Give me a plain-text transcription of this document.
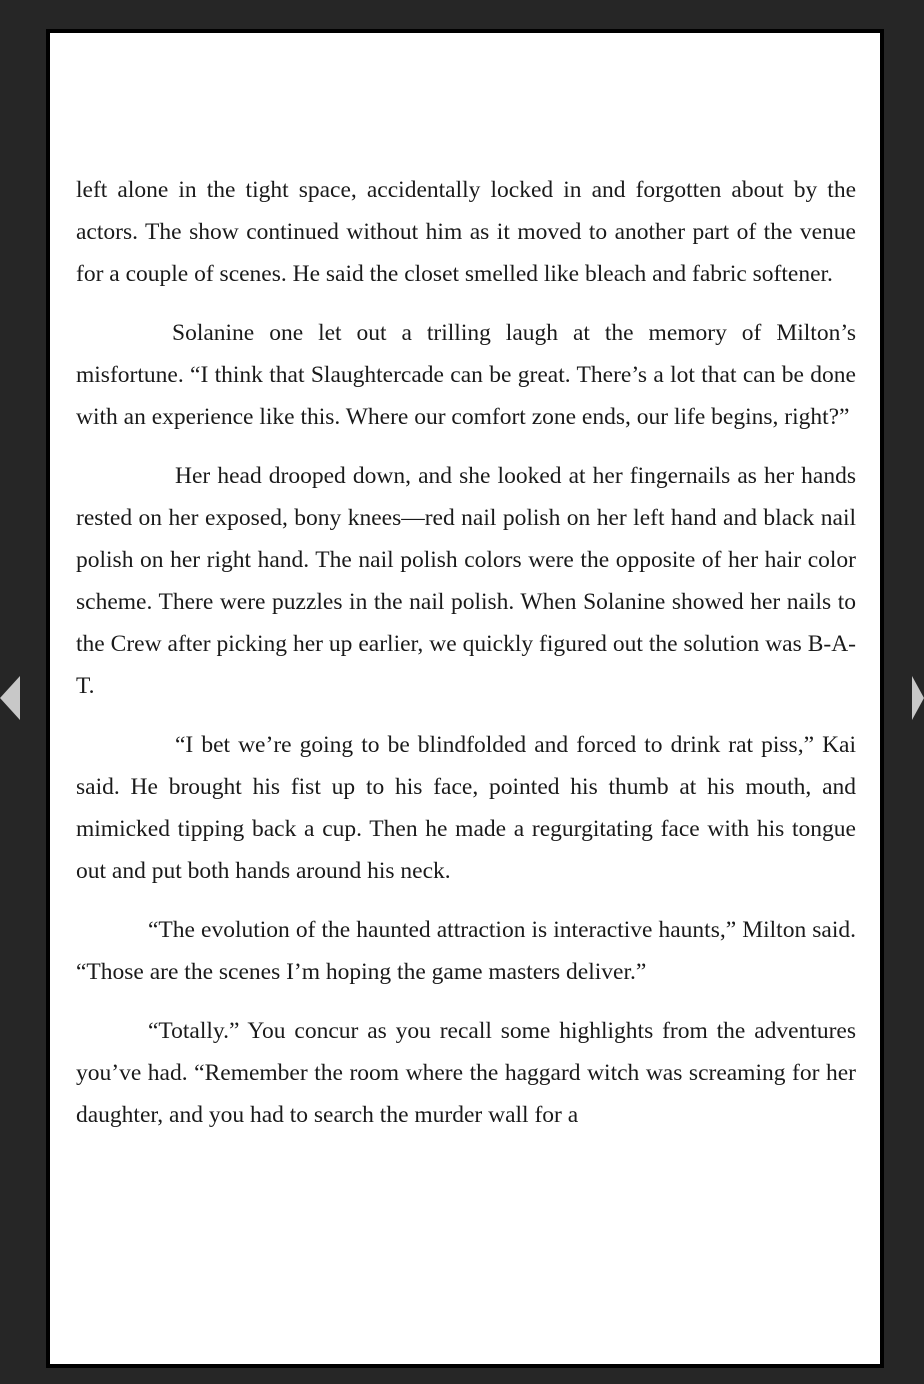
left alone in the tight space, accidentally locked in and forgotten about by the actors. The show continued without him as it moved to another part of the venue for a couple of scenes. He said the closet smelled like bleach and fabric softener.

Solanine one let out a trilling laugh at the memory of Milton’s misfortune. “I think that Slaughtercade can be great. There’s a lot that can be done with an experience like this. Where our comfort zone ends, our life begins, right?”

Her head drooped down, and she looked at her fingernails as her hands rested on her exposed, bony knees—red nail polish on her left hand and black nail polish on her right hand. The nail polish colors were the opposite of her hair color scheme. There were puzzles in the nail polish. When Solanine showed her nails to the Crew after picking her up earlier, we quickly figured out the solution was B-A-T.

“I bet we’re going to be blindfolded and forced to drink rat piss,” Kai said. He brought his fist up to his face, pointed his thumb at his mouth, and mimicked tipping back a cup. Then he made a regurgitating face with his tongue out and put both hands around his neck.

“The evolution of the haunted attraction is interactive haunts,” Milton said. “Those are the scenes I’m hoping the game masters deliver.”

“Totally.” You concur as you recall some highlights from the adventures you’ve had. “Remember the room where the haggard witch was screaming for her daughter, and you had to search the murder wall for a
